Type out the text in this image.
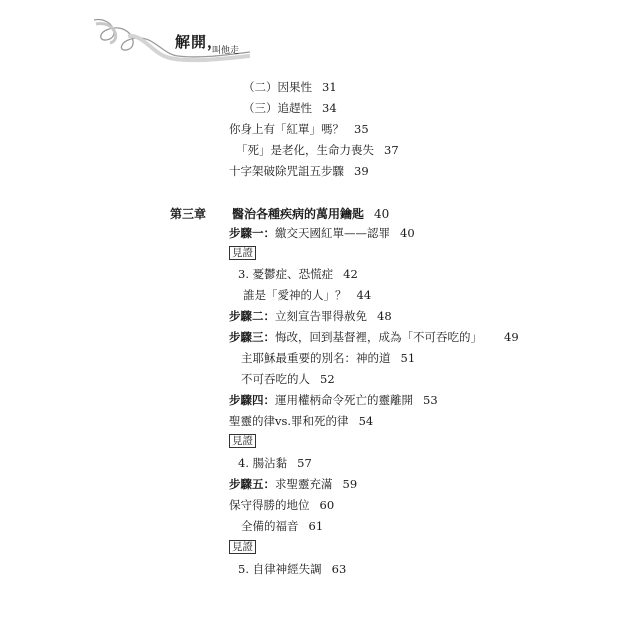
解開，
叫他走
（二）因果性 31
（三）追趕性 34
你身上有「紅單」嗎？ 35
「死」是老化，生命力喪失 37
十字架破除咒詛五步驟 39
第三章 醫治各種疾病的萬用鑰匙 40
步驟一：繳交天國紅單——認罪 40
見證
3. 憂鬱症、恐慌症 42
誰是「愛神的人」？ 44
步驟二：立刻宣告罪得赦免 48
步驟三：悔改，回到基督裡，成為「不可吞吃的」 49
主耶穌最重要的別名：神的道 51
不可吞吃的人 52
步驟四：運用權柄命令死亡的靈離開 53
聖靈的律vs.罪和死的律 54
見證
4. 腸沾黏 57
步驟五：求聖靈充滿 59
保守得勝的地位 60
全備的福音 61
見證
5. 自律神經失調 63
